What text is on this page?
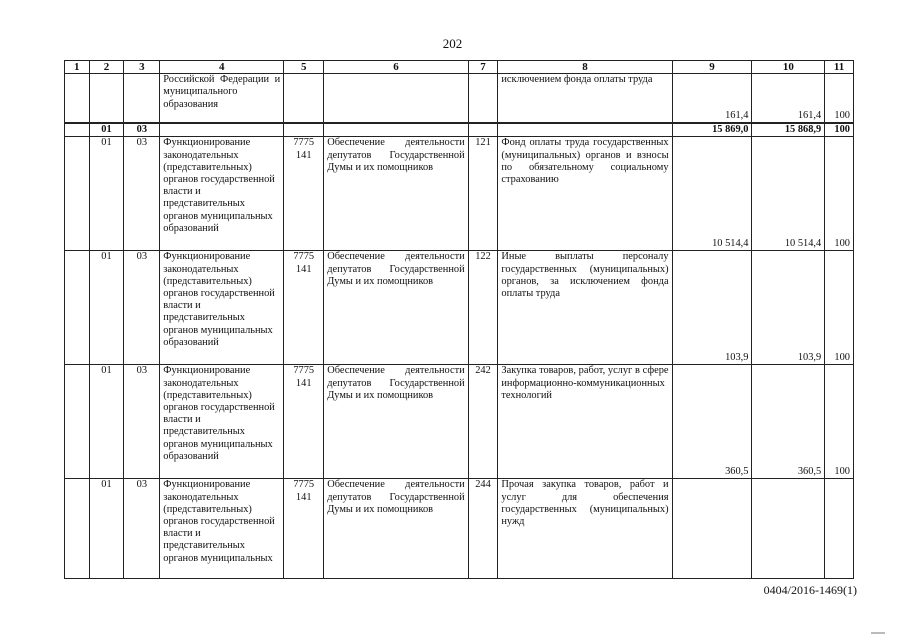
202
1	2	3	4	5	6	7	8	9	10	11
			Российской Федерации и муниципального образования				исключением фонда оплаты труда	161,4	161,4	100

	01	03						15 869,0	15 868,9	100
	01	03	Функционирование законодательных (представительных) органов государственной власти и представительных органов муниципальных образований	7775 141	Обеспечение деятельности депутатов Государственной Думы и их помощников	121	Фонд оплаты труда государственных (муниципальных) органов и взносы по обязательному социальному страхованию	10 514,4	10 514,4	100
	01	03	Функционирование законодательных (представительных) органов государственной власти и представительных органов муниципальных образований	7775 141	Обеспечение деятельности депутатов Государственной Думы и их помощников	122	Иные выплаты персоналу государственных (муниципальных) органов, за исключением фонда оплаты труда	103,9	103,9	100
	01	03	Функционирование законодательных (представительных) органов государственной власти и представительных органов муниципальных образований	7775 141	Обеспечение деятельности депутатов Государственной Думы и их помощников	242	Закупка товаров, работ, услуг в сфере информационно-коммуникационных технологий	360,5	360,5	100
	01	03	Функционирование законодательных (представительных) органов государственной власти и представительных органов муниципальных	7775 141	Обеспечение деятельности депутатов Государственной Думы и их помощников	244	Прочая закупка товаров, работ и услуг для обеспечения государственных (муниципальных) нужд			
0404/2016-1469(1)
